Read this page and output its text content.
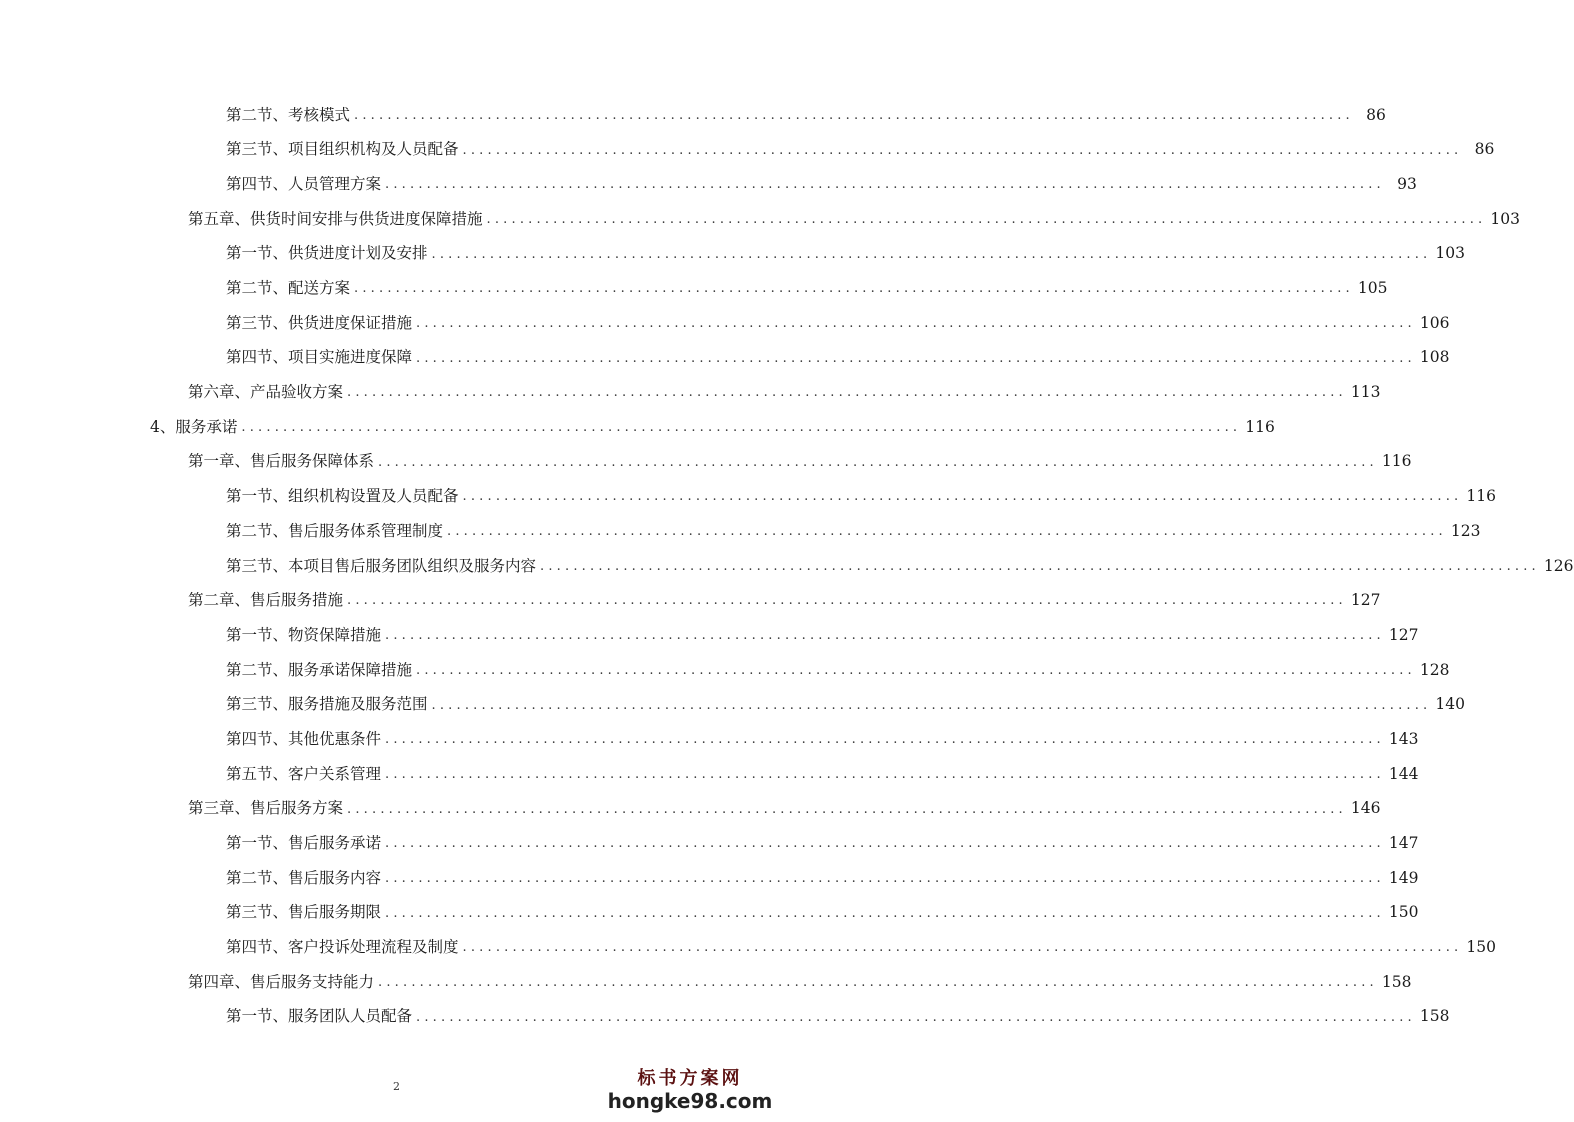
第二节、考核模式 ........................................................................................................................ 86
第三节、项目组织机构及人员配备 ........................................................................................................................ 86
第四节、人员管理方案 ........................................................................................................................ 93
第五章、供货时间安排与供货进度保障措施 ........................................................................................................................ 103
第一节、供货进度计划及安排 ........................................................................................................................ 103
第二节、配送方案 ........................................................................................................................ 105
第三节、供货进度保证措施 ........................................................................................................................ 106
第四节、项目实施进度保障 ........................................................................................................................ 108
第六章、产品验收方案 ........................................................................................................................ 113
4、服务承诺 ........................................................................................................................ 116
第一章、售后服务保障体系 ........................................................................................................................ 116
第一节、组织机构设置及人员配备 ........................................................................................................................ 116
第二节、售后服务体系管理制度 ........................................................................................................................ 123
第三节、本项目售后服务团队组织及服务内容 ........................................................................................................................ 126
第二章、售后服务措施 ........................................................................................................................ 127
第一节、物资保障措施 ........................................................................................................................ 127
第二节、服务承诺保障措施 ........................................................................................................................ 128
第三节、服务措施及服务范围 ........................................................................................................................ 140
第四节、其他优惠条件 ........................................................................................................................ 143
第五节、客户关系管理 ........................................................................................................................ 144
第三章、售后服务方案 ........................................................................................................................ 146
第一节、售后服务承诺 ........................................................................................................................ 147
第二节、售后服务内容 ........................................................................................................................ 149
第三节、售后服务期限 ........................................................................................................................ 150
第四节、客户投诉处理流程及制度 ........................................................................................................................ 150
第四章、售后服务支持能力 ........................................................................................................................ 158
第一节、服务团队人员配备 ........................................................................................................................ 158
2	标书方案网
hongke98.com
